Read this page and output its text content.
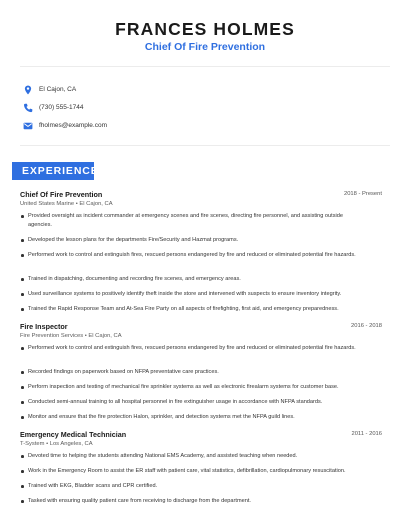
FRANCES HOLMES
Chief Of Fire Prevention
El Cajon, CA
(730) 555-1744
fholmes@example.com
EXPERIENCE
Chief Of Fire Prevention	2018 - Present
United States Marine • El Cajon, CA
Provided oversight as incident commander at emergency scenes and fire scenes, directing fire personnel, and assisting outside agencies.
Developed the lesson plans for the departments Fire/Security and Hazmat programs.
Performed work to control and extinguish fires, rescued persons endangered by fire and reduced or eliminated potential fire hazards.
Trained in dispatching, documenting and recording fire scenes, and emergency areas.
Used surveillance systems to positively identify theft inside the store and intervened with suspects to ensure inventory integrity.
Trained the Rapid Response Team and At-Sea Fire Party on all aspects of firefighting, first aid, and emergency preparedness.
Fire Inspector	2016 - 2018
Fire Prevention Services • El Cajon, CA
Performed work to control and extinguish fires, rescued persons endangered by fire and reduced or eliminated potential fire hazards.
Recorded findings on paperwork based on NFPA preventative care practices.
Perform inspection and testing of mechanical fire sprinkler systems as well as electronic firealarm systems for customer base.
Conducted semi-annual training to all hospital personnel in fire extinguisher usage in accordance with NFPA standards.
Monitor and ensure that the fire protection Halon, sprinkler, and detection systems met the NFPA guild lines.
Emergency Medical Technician	2011 - 2016
T-System • Los Angeles, CA
Devoted time to helping the students attending National EMS Academy, and assisted teaching when needed.
Work in the Emergency Room to assist the ER staff with patient care, vital statistics, defibrillation, cardiopulmonary resuscitation.
Trained with EKG, Bladder scans and CPR certified.
Tasked with ensuring quality patient care from receiving to discharge from the department.
